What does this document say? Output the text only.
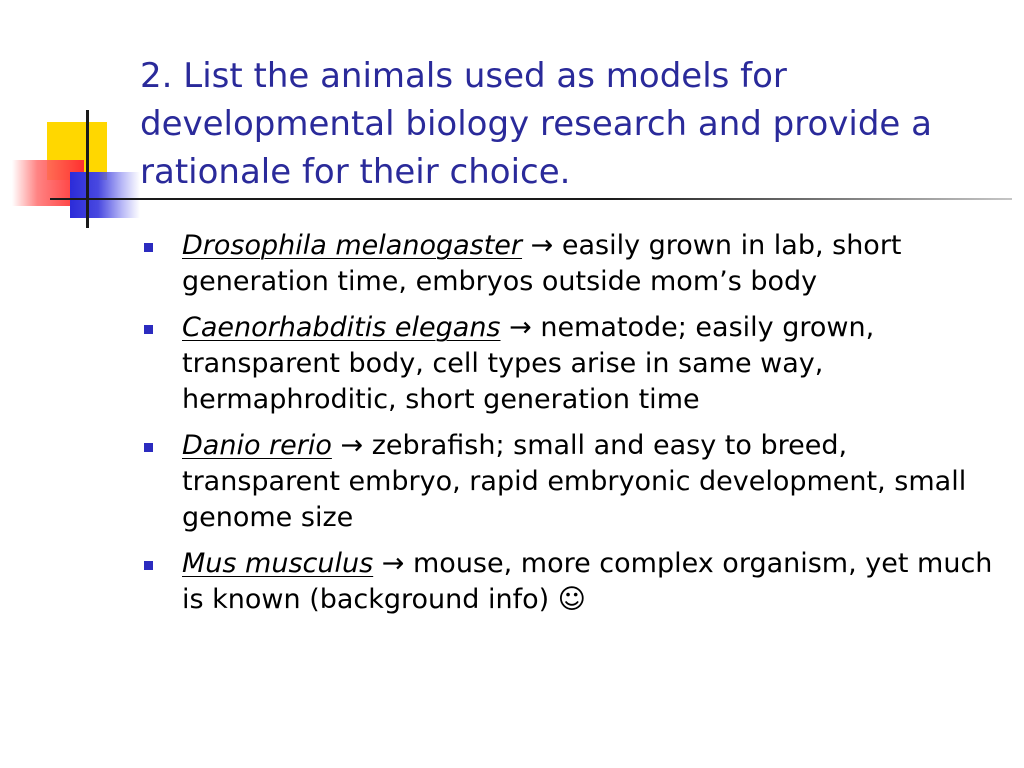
2. List the animals used as models for developmental biology research and provide a rationale for their choice.
Drosophila melanogaster → easily grown in lab, short generation time, embryos outside mom’s body
Caenorhabditis elegans → nematode; easily grown, transparent body, cell types arise in same way, hermaphroditic, short generation time
Danio rerio → zebrafish; small and easy to breed, transparent embryo, rapid embryonic development, small genome size
Mus musculus → mouse, more complex organism, yet much is known (background info) ☺
